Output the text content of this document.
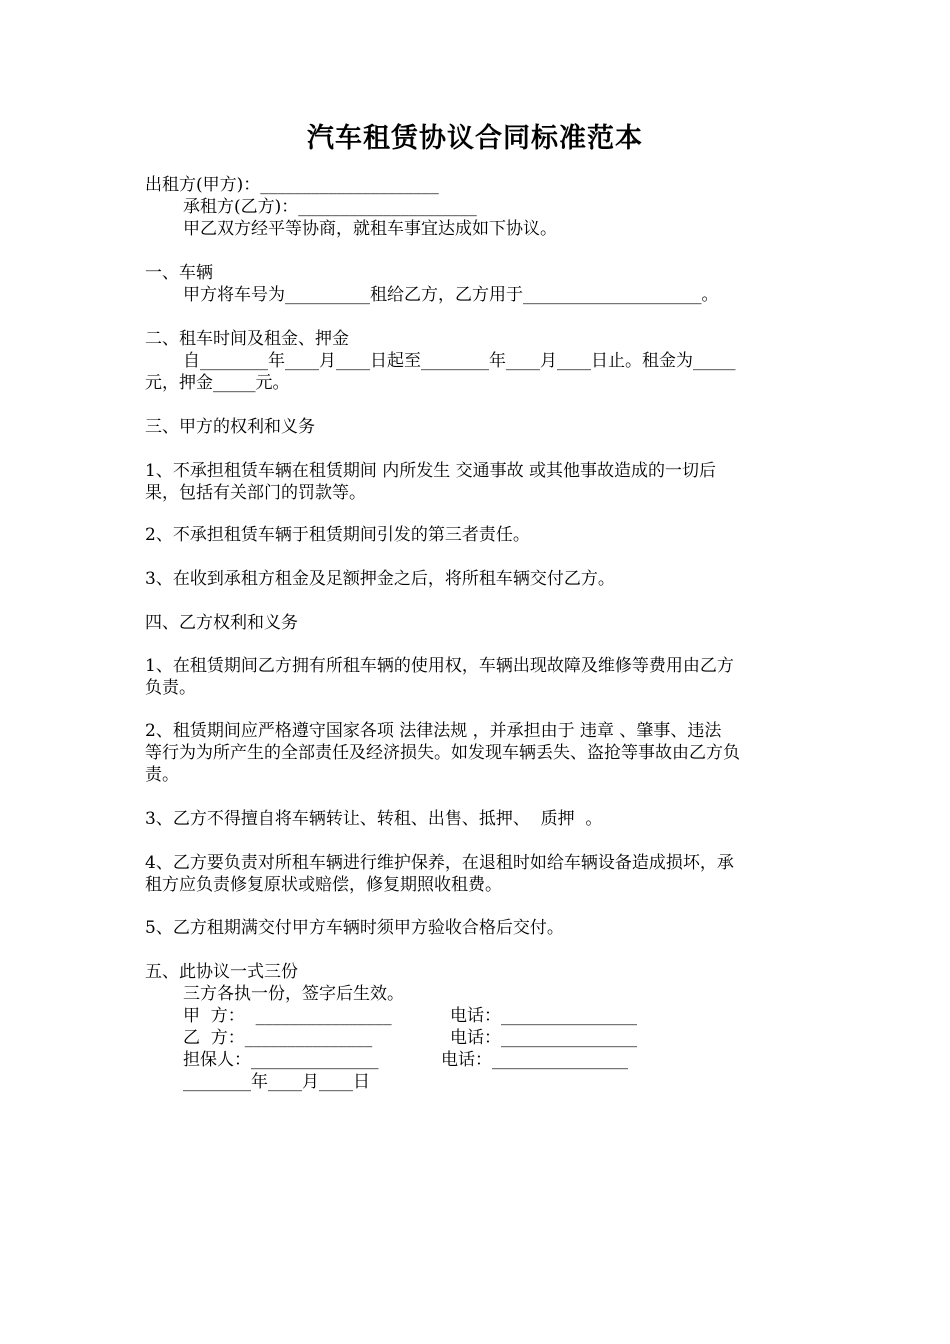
汽车租赁协议合同标准范本
出租方(甲方)：_____________________
承租方(乙方)：_____________________
甲乙双方经平等协商，就租车事宜达成如下协议。
一、车辆
甲方将车号为__________租给乙方，乙方用于_____________________。
二、租车时间及租金、押金
自________年____月____日起至________年____月____日止。租金为_____
元，押金_____元。
三、甲方的权利和义务
1、不承担租赁车辆在租赁期间 内所发生 交通事故 或其他事故造成的一切后
果，包括有关部门的罚款等。
2、不承担租赁车辆于租赁期间引发的第三者责任。
3、在收到承租方租金及足额押金之后，将所租车辆交付乙方。
四、乙方权利和义务
1、在租赁期间乙方拥有所租车辆的使用权，车辆出现故障及维修等费用由乙方
负责。
2、租赁期间应严格遵守国家各项 法律法规 ，并承担由于 违章 、肇事、违法
等行为为所产生的全部责任及经济损失。如发现车辆丢失、盗抢等事故由乙方负
责。
3、乙方不得擅自将车辆转让、转租、出售、抵押、  质押  。
4、乙方要负责对所租车辆进行维护保养，在退租时如给车辆设备造成损坏，承
租方应负责修复原状或赔偿，修复期照收租费。
5、乙方租期满交付甲方车辆时须甲方验收合格后交付。
五、此协议一式三份
三方各执一份，签字后生效。
甲  方：  ________________	电话：________________
乙  方：_______________	电话：________________
担保人：_______________	电话：________________
________年____月____日
